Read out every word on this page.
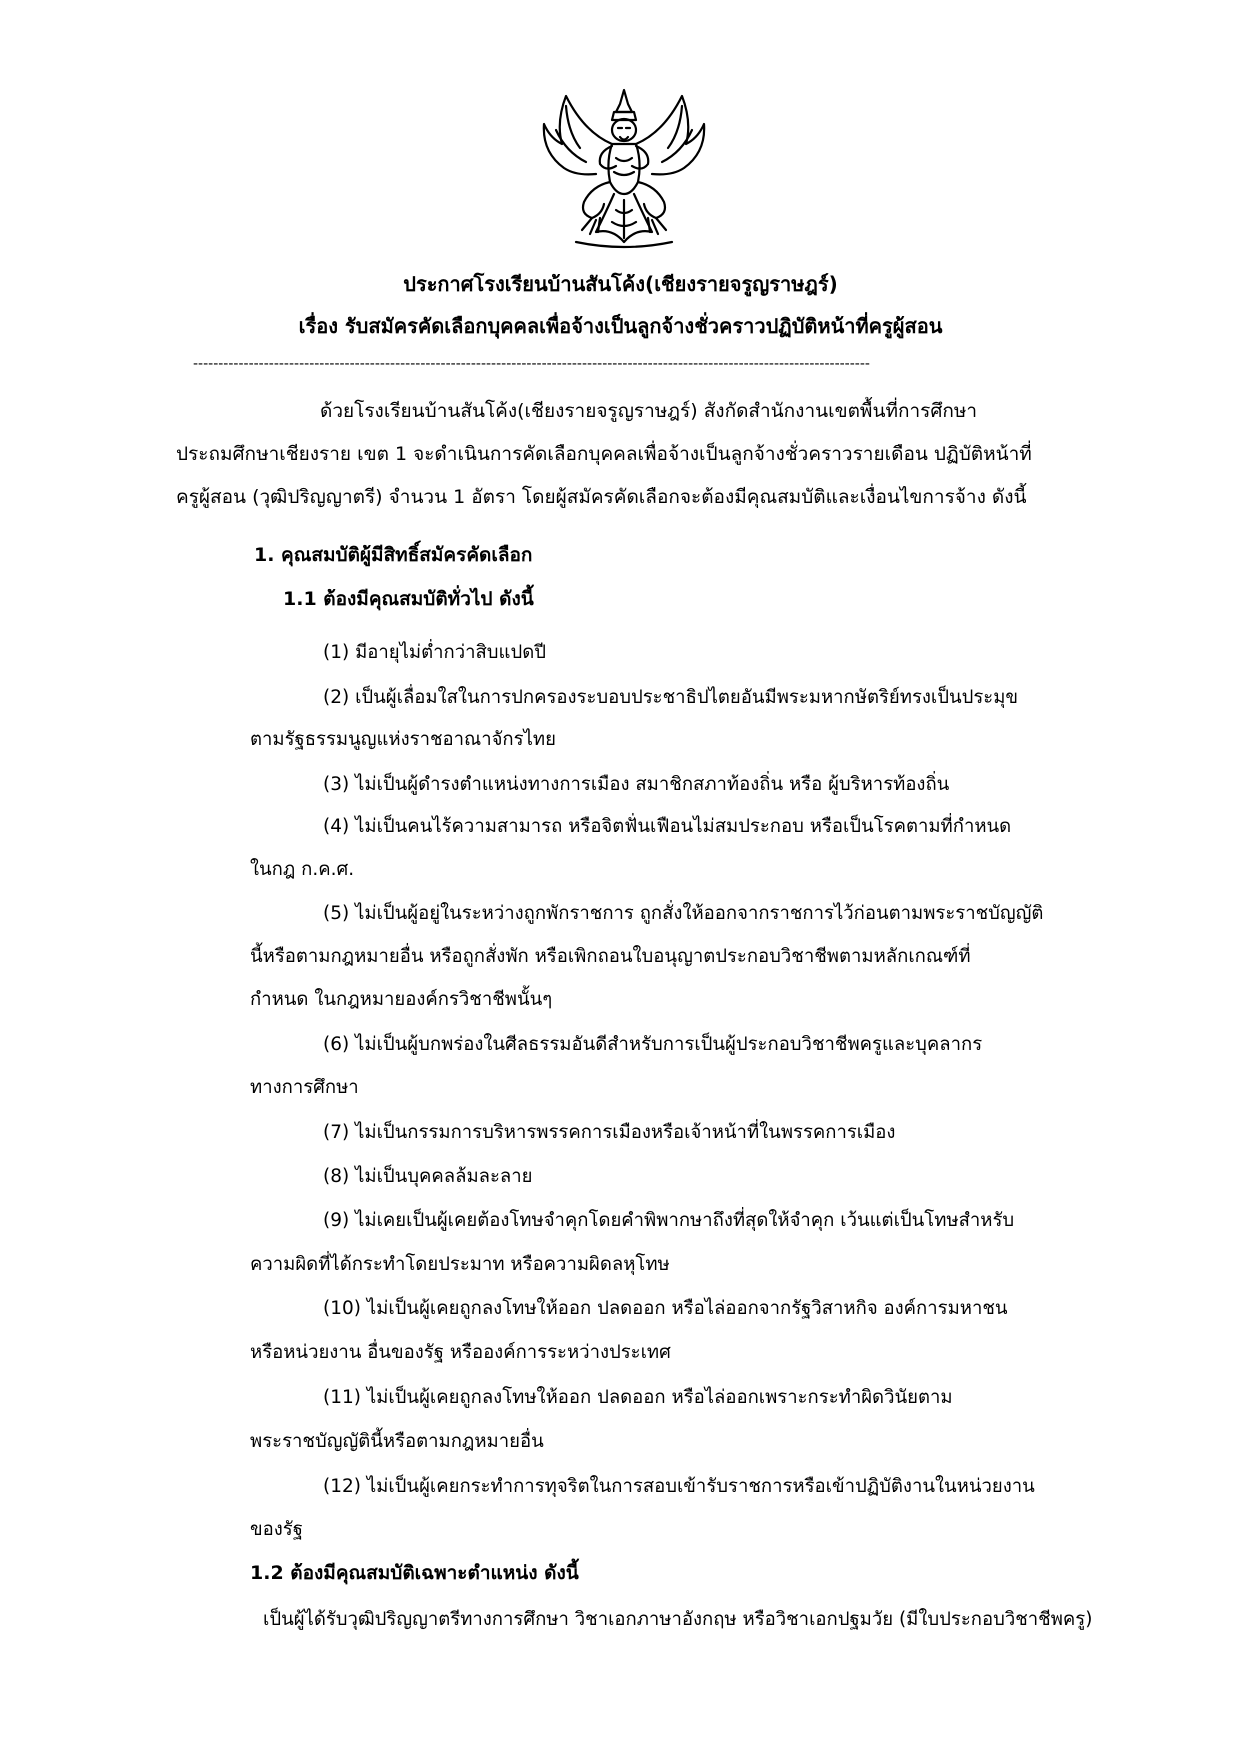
ประกาศโรงเรียนบ้านสันโค้ง(เชียงรายจรูญราษฎร์)
เรื่อง รับสมัครคัดเลือกบุคคลเพื่อจ้างเป็นลูกจ้างชั่วคราวปฏิบัติหน้าที่ครูผู้สอน
--------------------------------------------------------------------------------------------------------------------------------------
ด้วยโรงเรียนบ้านสันโค้ง(เชียงรายจรูญราษฎร์) สังกัดสำนักงานเขตพื้นที่การศึกษา
ประถมศึกษาเชียงราย เขต 1 จะดำเนินการคัดเลือกบุคคลเพื่อจ้างเป็นลูกจ้างชั่วคราวรายเดือน ปฏิบัติหน้าที่
ครูผู้สอน (วุฒิปริญญาตรี) จำนวน 1 อัตรา โดยผู้สมัครคัดเลือกจะต้องมีคุณสมบัติและเงื่อนไขการจ้าง ดังนี้
1. คุณสมบัติผู้มีสิทธิ์สมัครคัดเลือก
1.1 ต้องมีคุณสมบัติทั่วไป ดังนี้
(1) มีอายุไม่ต่ำกว่าสิบแปดปี
(2) เป็นผู้เลื่อมใสในการปกครองระบอบประชาธิปไตยอันมีพระมหากษัตริย์ทรงเป็นประมุข
ตามรัฐธรรมนูญแห่งราชอาณาจักรไทย
(3) ไม่เป็นผู้ดำรงตำแหน่งทางการเมือง สมาชิกสภาท้องถิ่น หรือ ผู้บริหารท้องถิ่น
(4) ไม่เป็นคนไร้ความสามารถ หรือจิตฟั่นเฟือนไม่สมประกอบ หรือเป็นโรคตามที่กำหนด
ในกฎ ก.ค.ศ.
(5) ไม่เป็นผู้อยู่ในระหว่างถูกพักราชการ ถูกสั่งให้ออกจากราชการไว้ก่อนตามพระราชบัญญัติ
นี้หรือตามกฎหมายอื่น หรือถูกสั่งพัก หรือเพิกถอนใบอนุญาตประกอบวิชาชีพตามหลักเกณฑ์ที่
กำหนด ในกฎหมายองค์กรวิชาชีพนั้นๆ
(6) ไม่เป็นผู้บกพร่องในศีลธรรมอันดีสำหรับการเป็นผู้ประกอบวิชาชีพครูและบุคลากร
ทางการศึกษา
(7) ไม่เป็นกรรมการบริหารพรรคการเมืองหรือเจ้าหน้าที่ในพรรคการเมือง
(8) ไม่เป็นบุคคลล้มละลาย
(9) ไม่เคยเป็นผู้เคยต้องโทษจำคุกโดยคำพิพากษาถึงที่สุดให้จำคุก เว้นแต่เป็นโทษสำหรับ
ความผิดที่ได้กระทำโดยประมาท หรือความผิดลหุโทษ
(10) ไม่เป็นผู้เคยถูกลงโทษให้ออก ปลดออก หรือไล่ออกจากรัฐวิสาหกิจ องค์การมหาชน
หรือหน่วยงาน อื่นของรัฐ หรือองค์การระหว่างประเทศ
(11) ไม่เป็นผู้เคยถูกลงโทษให้ออก ปลดออก หรือไล่ออกเพราะกระทำผิดวินัยตาม
พระราชบัญญัตินี้หรือตามกฎหมายอื่น
(12) ไม่เป็นผู้เคยกระทำการทุจริตในการสอบเข้ารับราชการหรือเข้าปฏิบัติงานในหน่วยงาน
ของรัฐ
1.2 ต้องมีคุณสมบัติเฉพาะตำแหน่ง ดังนี้
เป็นผู้ได้รับวุฒิปริญญาตรีทางการศึกษา วิชาเอกภาษาอังกฤษ หรือวิชาเอกปฐมวัย (มีใบประกอบวิชาชีพครู)
